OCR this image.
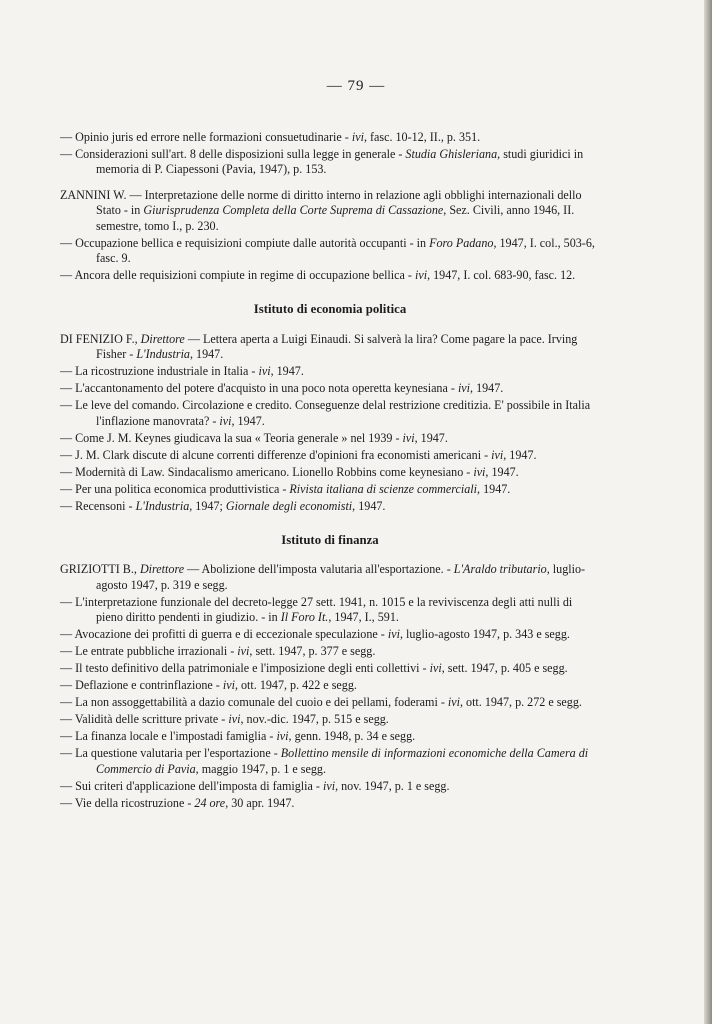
— 79 —

— Opinio juris ed errore nelle formazioni consuetudinarie - ivi, fasc. 10-12, II., p. 351.

— Considerazioni sull'art. 8 delle disposizioni sulla legge in generale - Studia Ghisleriana, studi giuridici in memoria di P. Ciapessoni (Pavia, 1947), p. 153.

ZANNINI W. — Interpretazione delle norme di diritto interno in relazione agli obblighi internazionali dello Stato - in Giurisprudenza Completa della Corte Suprema di Cassazione, Sez. Civili, anno 1946, II. semestre, tomo I., p. 230.

— Occupazione bellica e requisizioni compiute dalle autorità occupanti - in Foro Padano, 1947, I. col., 503-6, fasc. 9.

— Ancora delle requisizioni compiute in regime di occupazione bellica - ivi, 1947, I. col. 683-90, fasc. 12.

Istituto di economia politica

DI FENIZIO F., Direttore — Lettera aperta a Luigi Einaudi. Si salverà la lira? Come pagare la pace. Irving Fisher - L'Industria, 1947.

— La ricostruzione industriale in Italia - ivi, 1947.

— L'accantonamento del potere d'acquisto in una poco nota operetta keynesiana - ivi, 1947.

— Le leve del comando. Circolazione e credito. Conseguenze delal restrizione creditizia. E' possibile in Italia l'inflazione manovrata? - ivi, 1947.

— Come J. M. Keynes giudicava la sua « Teoria generale » nel 1939 - ivi, 1947.

— J. M. Clark discute di alcune correnti differenze d'opinioni fra economisti americani - ivi, 1947.

— Modernità di Law. Sindacalismo americano. Lionello Robbins come keynesiano - ivi, 1947.

— Per una politica economica produttivistica - Rivista italiana di scienze commerciali, 1947.

— Recensoni - L'Industria, 1947; Giornale degli economisti, 1947.

Istituto di finanza

GRIZIOTTI B., Direttore — Abolizione dell'imposta valutaria all'esportazione. - L'Araldo tributario, luglio-agosto 1947, p. 319 e segg.

— L'interpretazione funzionale del decreto-legge 27 sett. 1941, n. 1015 e la reviviscenza degli atti nulli di pieno diritto pendenti in giudizio. - in Il Foro It., 1947, I., 591.

— Avocazione dei profitti di guerra e di eccezionale speculazione - ivi, luglio-agosto 1947, p. 343 e segg.

— Le entrate pubbliche irrazionali - ivi, sett. 1947, p. 377 e segg.

— Il testo definitivo della patrimoniale e l'imposizione degli enti collettivi - ivi, sett. 1947, p. 405 e segg.

— Deflazione e contrinflazione - ivi, ott. 1947, p. 422 e segg.

— La non assoggettabilità a dazio comunale del cuoio e dei pellami, foderami - ivi, ott. 1947, p. 272 e segg.

— Validità delle scritture private - ivi, nov.-dic. 1947, p. 515 e segg.

— La finanza locale e l'impostadi famiglia - ivi, genn. 1948, p. 34 e segg.

— La questione valutaria per l'esportazione - Bollettino mensile di informazioni economiche della Camera di Commercio di Pavia, maggio 1947, p. 1 e segg.

— Sui criteri d'applicazione dell'imposta di famiglia - ivi, nov. 1947, p. 1 e segg.

— Vie della ricostruzione - 24 ore, 30 apr. 1947.
